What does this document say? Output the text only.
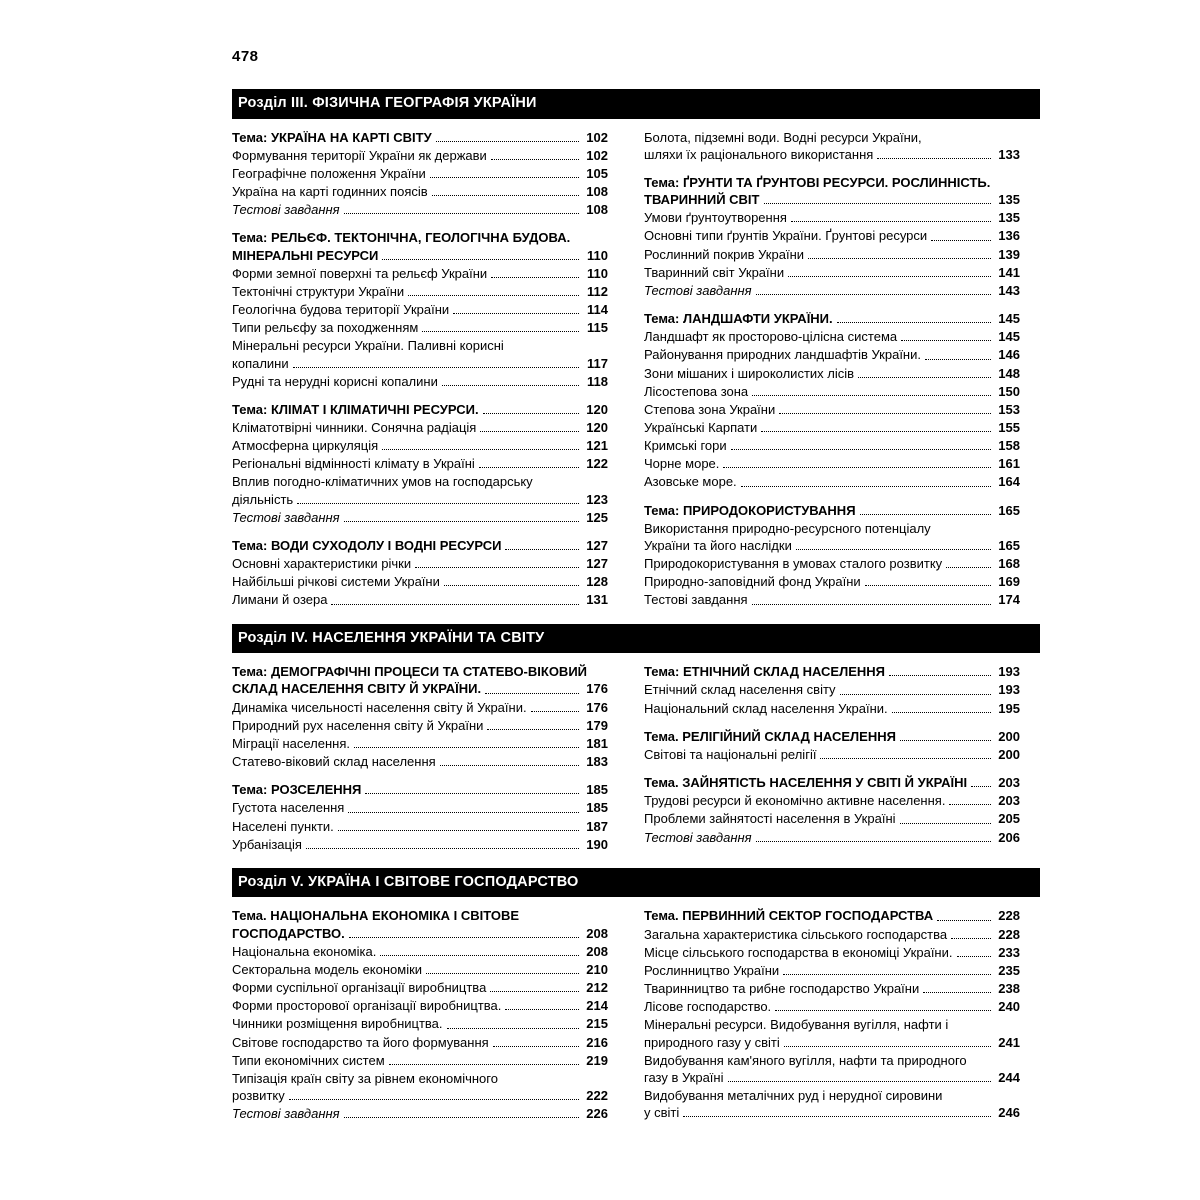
478
Розділ III. ФІЗИЧНА ГЕОГРАФІЯ УКРАЇНИ
Тема: УКРАЇНА НА КАРТІ СВІТУ	102
Формування території України як держави	102
Географічне положення України	105
Україна на карті годинних поясів	108
Тестові завдання	108
Тема: РЕЛЬЄФ. ТЕКТОНІЧНА, ГЕОЛОГІЧНА БУДОВА.
МІНЕРАЛЬНІ РЕСУРСИ	110
Форми земної поверхні та рельєф України	110
Тектонічні структури України	112
Геологічна будова території України	114
Типи рельєфу за походженням	115
Мінеральні ресурси України. Паливні корисні
копалини	117
Рудні та нерудні корисні копалини	118
Тема: КЛІМАТ І КЛІМАТИЧНІ РЕСУРСИ.	120
Кліматотвірні чинники. Сонячна радіація	120
Атмосферна циркуляція	121
Регіональні відмінності клімату в Україні	122
Вплив погодно-кліматичних умов на господарську
діяльність	123
Тестові завдання	125
Тема: ВОДИ СУХОДОЛУ І ВОДНІ РЕСУРСИ	127
Основні характеристики річки	127
Найбільші річкові системи України	128
Лимани й озера	131
Болота, підземні води. Водні ресурси України,
шляхи їх раціонального використання	133
Тема: ҐРУНТИ ТА ҐРУНТОВІ РЕСУРСИ. РОСЛИННІСТЬ.
ТВАРИННИЙ СВІТ	135
Умови ґрунтоутворення	135
Основні типи ґрунтів України. Ґрунтові ресурси	136
Рослинний покрив України	139
Тваринний світ України	141
Тестові завдання	143
Тема: ЛАНДШАФТИ УКРАЇНИ.	145
Ландшафт як просторово-цілісна система	145
Районування природних ландшафтів України.	146
Зони мішаних і широколистих лісів	148
Лісостепова зона	150
Степова зона України	153
Українські Карпати	155
Кримські гори	158
Чорне море.	161
Азовське море.	164
Тема: ПРИРОДОКОРИСТУВАННЯ	165
Використання природно-ресурсного потенціалу
України та його наслідки	165
Природокористування в умовах сталого розвитку	168
Природно-заповідний фонд України	169
Тестові завдання	174
Розділ IV. НАСЕЛЕННЯ УКРАЇНИ ТА СВІТУ
Тема: ДЕМОГРАФІЧНІ ПРОЦЕСИ ТА СТАТЕВО-ВІКОВИЙ
СКЛАД НАСЕЛЕННЯ СВІТУ Й УКРАЇНИ.	176
Динаміка чисельності населення світу й України.	176
Природний рух населення світу й України	179
Міграції населення.	181
Статево-віковий склад населення	183
Тема: РОЗСЕЛЕННЯ	185
Густота населення	185
Населені пункти.	187
Урбанізація	190
Тема: ЕТНІЧНИЙ СКЛАД НАСЕЛЕННЯ	193
Етнічний склад населення світу	193
Національний склад населення України.	195
Тема. РЕЛІГІЙНИЙ СКЛАД НАСЕЛЕННЯ	200
Світові та національні релігії	200
Тема. ЗАЙНЯТІСТЬ НАСЕЛЕННЯ У СВІТІ Й УКРАЇНІ	203
Трудові ресурси й економічно активне населення.	203
Проблеми зайнятості населення в Україні	205
Тестові завдання	206
Розділ V. УКРАЇНА І СВІТОВЕ ГОСПОДАРСТВО
Тема. НАЦІОНАЛЬНА ЕКОНОМІКА І СВІТОВЕ
ГОСПОДАРСТВО.	208
Національна економіка.	208
Секторальна модель економіки	210
Форми суспільної організації виробництва	212
Форми просторової організації виробництва.	214
Чинники розміщення виробництва.	215
Світове господарство та його формування	216
Типи економічних систем	219
Типізація країн світу за рівнем економічного
розвитку	222
Тестові завдання	226
Тема. ПЕРВИННИЙ СЕКТОР ГОСПОДАРСТВА	228
Загальна характеристика сільського господарства	228
Місце сільського господарства в економіці України.	233
Рослинництво України	235
Тваринництво та рибне господарство України	238
Лісове господарство.	240
Мінеральні ресурси. Видобування вугілля, нафти і
природного газу у світі	241
Видобування кам'яного вугілля, нафти та природного
газу в Україні	244
Видобування металічних руд і нерудної сировини
у світі	246
